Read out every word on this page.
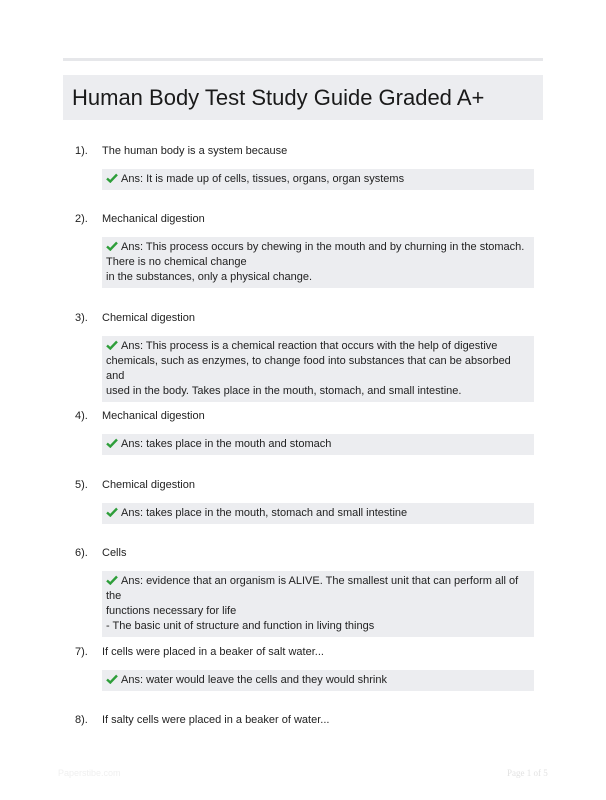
Human Body Test Study Guide Graded A+
1). The human body is a system because
Ans: It is made up of cells, tissues, organs, organ systems
2). Mechanical digestion
Ans: This process occurs by chewing in the mouth and by churning in the stomach.
There is no chemical change
in the substances, only a physical change.
3). Chemical digestion
Ans: This process is a chemical reaction that occurs with the help of digestive
chemicals, such as enzymes, to change food into substances that can be absorbed and
used in the body. Takes place in the mouth, stomach, and small intestine.
4). Mechanical digestion
Ans: takes place in the mouth and stomach
5). Chemical digestion
Ans: takes place in the mouth, stomach and small intestine
6). Cells
Ans: evidence that an organism is ALIVE. The smallest unit that can perform all of the
functions necessary for life
- The basic unit of structure and function in living things
7). If cells were placed in a beaker of salt water...
Ans: water would leave the cells and they would shrink
8). If salty cells were placed in a beaker of water...
Paperstibe.com	Page 1 of 5
